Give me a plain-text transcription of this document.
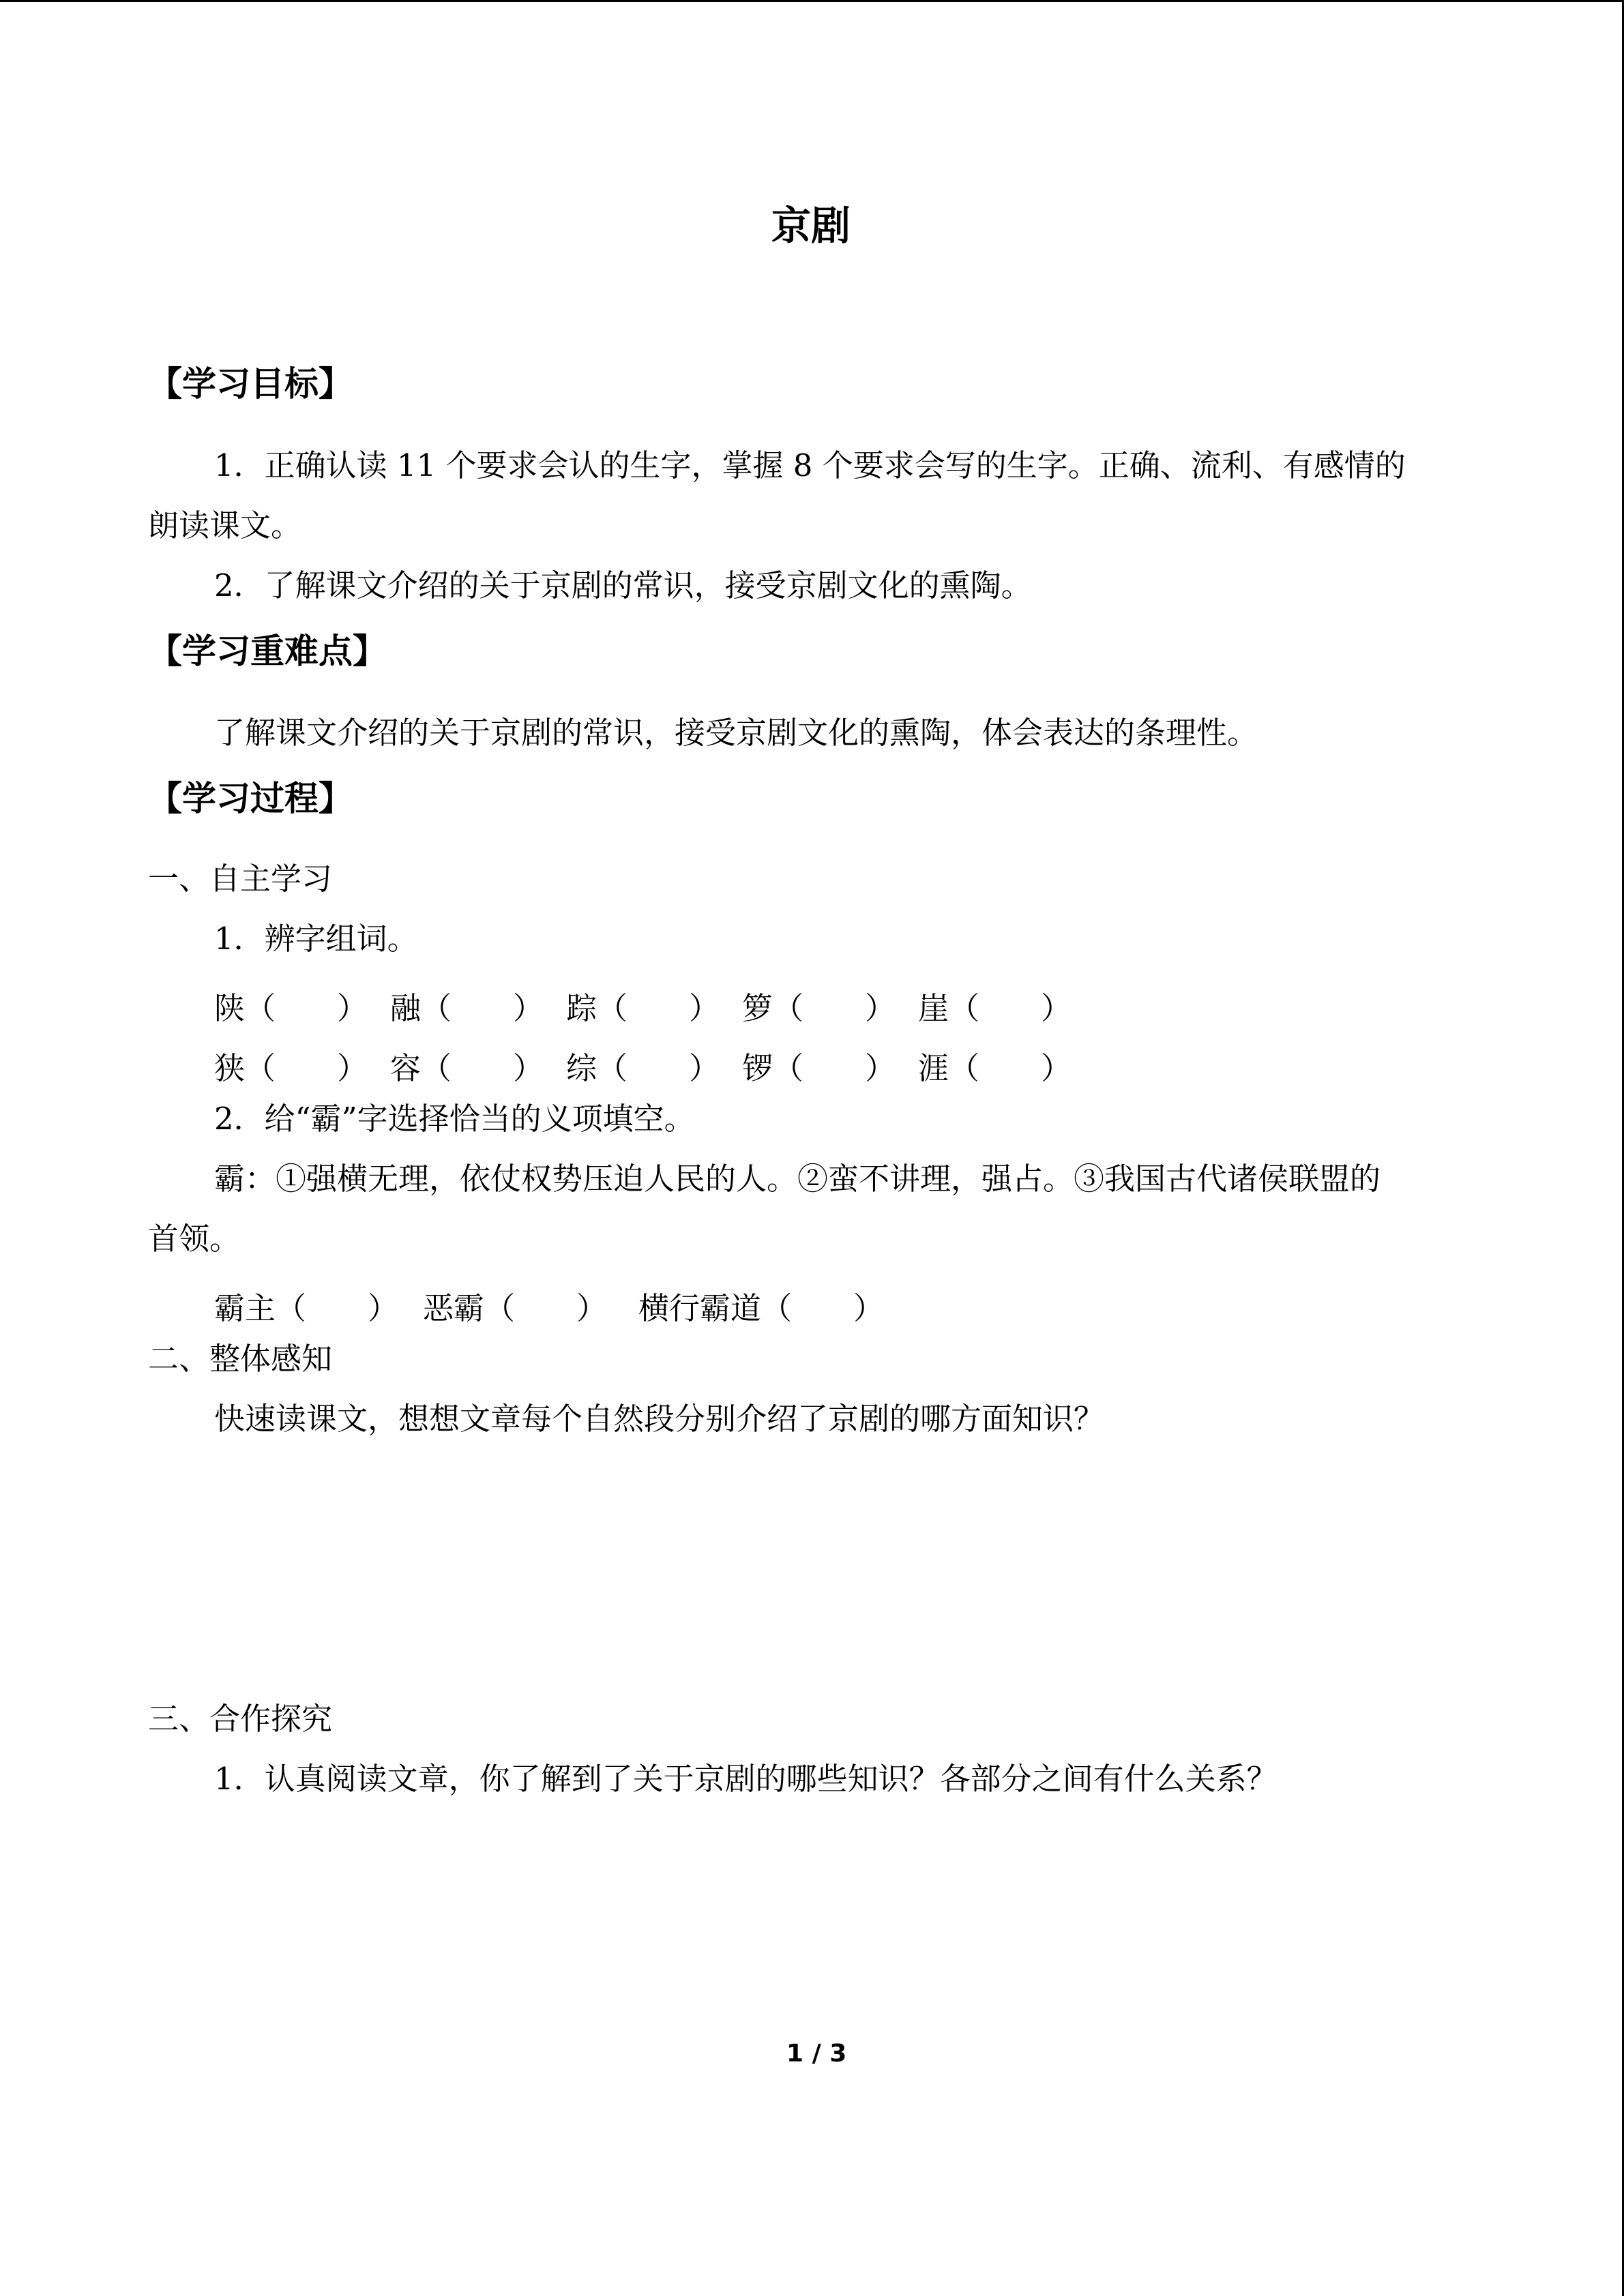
京剧
【学习目标】
1．正确认读 11 个要求会认的生字，掌握 8 个要求会写的生字。正确、流利、有感情的
朗读课文。
2．了解课文介绍的关于京剧的常识，接受京剧文化的熏陶。
【学习重难点】
了解课文介绍的关于京剧的常识，接受京剧文化的熏陶，体会表达的条理性。
【学习过程】
一、自主学习
1．辨字组词。
陕（　　） 融（　　） 踪（　　） 箩（　　） 崖（　　）
狭（　　） 容（　　） 综（　　） 锣（　　） 涯（　　）
2．给“霸”字选择恰当的义项填空。
霸：①强横无理，依仗权势压迫人民的人。②蛮不讲理，强占。③我国古代诸侯联盟的
首领。
霸主（　　） 恶霸（　　）	横行霸道（　　）
二、整体感知
快速读课文，想想文章每个自然段分别介绍了京剧的哪方面知识？
三、合作探究
1．认真阅读文章，你了解到了关于京剧的哪些知识？各部分之间有什么关系？
1 / 3
